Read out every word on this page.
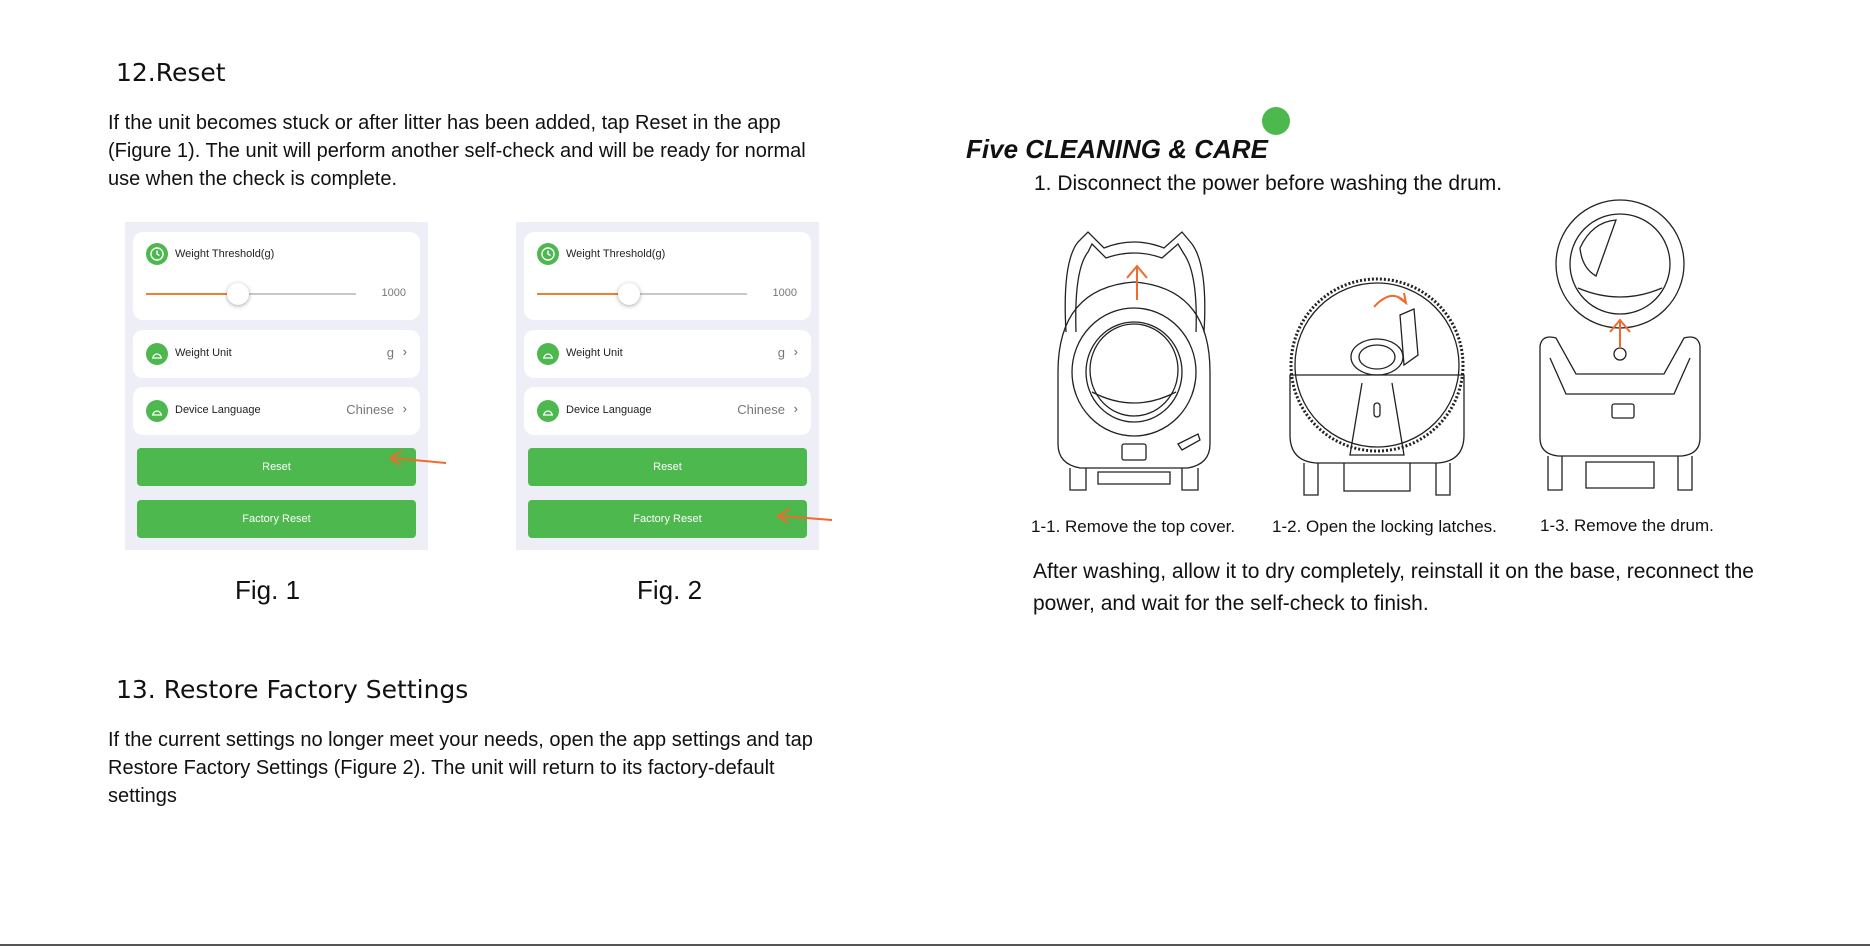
12.Reset
If the unit becomes stuck or after litter has been added, tap Reset in the app
(Figure 1). The unit will perform another self-check and will be ready for normal
use when the check is complete.
Weight Threshold(g)
1000
Weight Unit	g ›
Device Language	Chinese ›
Reset
Factory Reset
Fig. 1
Weight Threshold(g)
1000
Weight Unit	g ›
Device Language	Chinese ›
Reset
Factory Reset
Fig. 2
13. Restore Factory Settings
If the current settings no longer meet your needs, open the app settings and tap
Restore Factory Settings (Figure 2). The unit will return to its factory-default
settings
Five CLEANING & CARE
1. Disconnect the power before washing the drum.
1-1. Remove the top cover. 1-2. Open the locking latches.	1-3. Remove the drum.
After washing, allow it to dry completely, reinstall it on the base, reconnect the
power, and wait for the self-check to finish.
